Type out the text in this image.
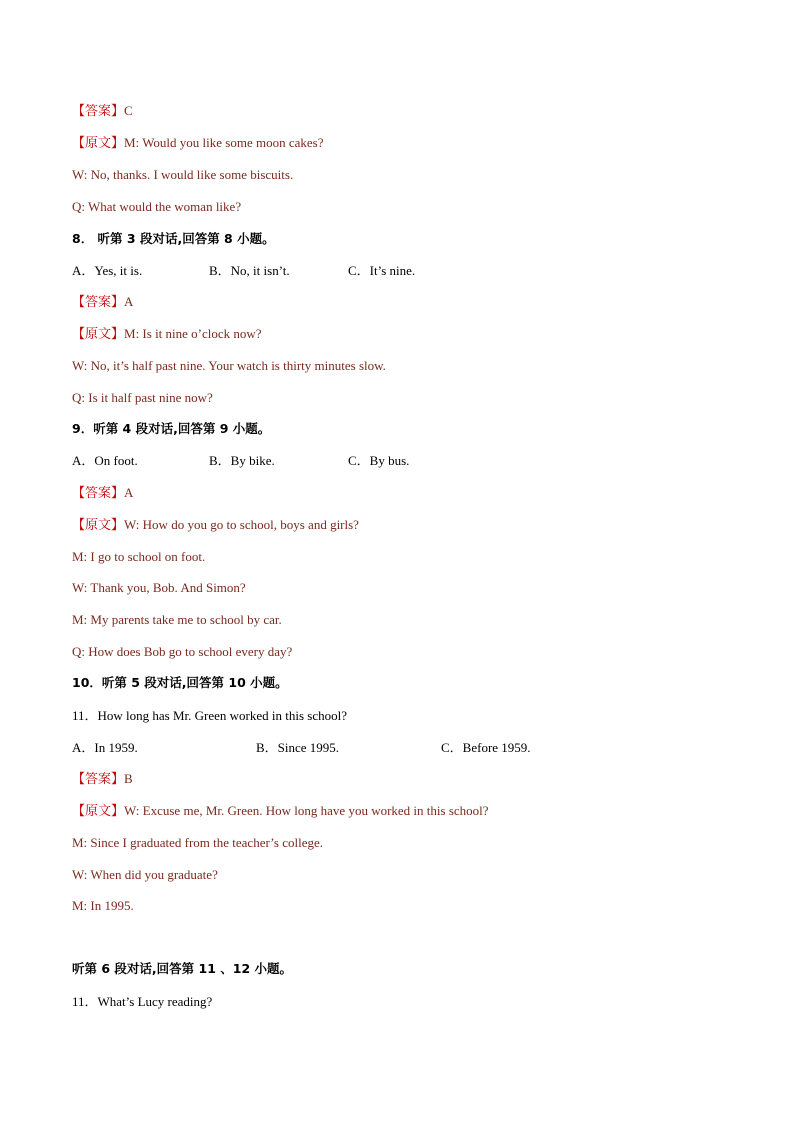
【答案】C
【原文】M: Would you like some moon cakes?
W: No, thanks. I would like some biscuits.
Q: What would the woman like?
8． 听第 3 段对话,回答第 8 小题。
A．Yes, it is.	B．No, it isn’t.	C．It’s nine.
【答案】A
【原文】M: Is it nine o’clock now?
W: No, it’s half past nine. Your watch is thirty minutes slow.
Q: Is it half past nine now?
9．听第 4 段对话,回答第 9 小题。
A．On foot.	B．By bike.	C．By bus.
【答案】A
【原文】W: How do you go to school, boys and girls?
M: I go to school on foot.
W: Thank you, Bob. And Simon?
M: My parents take me to school by car.
Q: How does Bob go to school every day?
10．听第 5 段对话,回答第 10 小题。
11．How long has Mr. Green worked in this school?
A．In 1959.	B．Since 1995.	C．Before 1959.
【答案】B
【原文】W: Excuse me, Mr. Green. How long have you worked in this school?
M: Since I graduated from the teacher’s college.
W: When did you graduate?
M: In 1995.
听第 6 段对话,回答第 11 、12 小题。
11．What’s Lucy reading?
